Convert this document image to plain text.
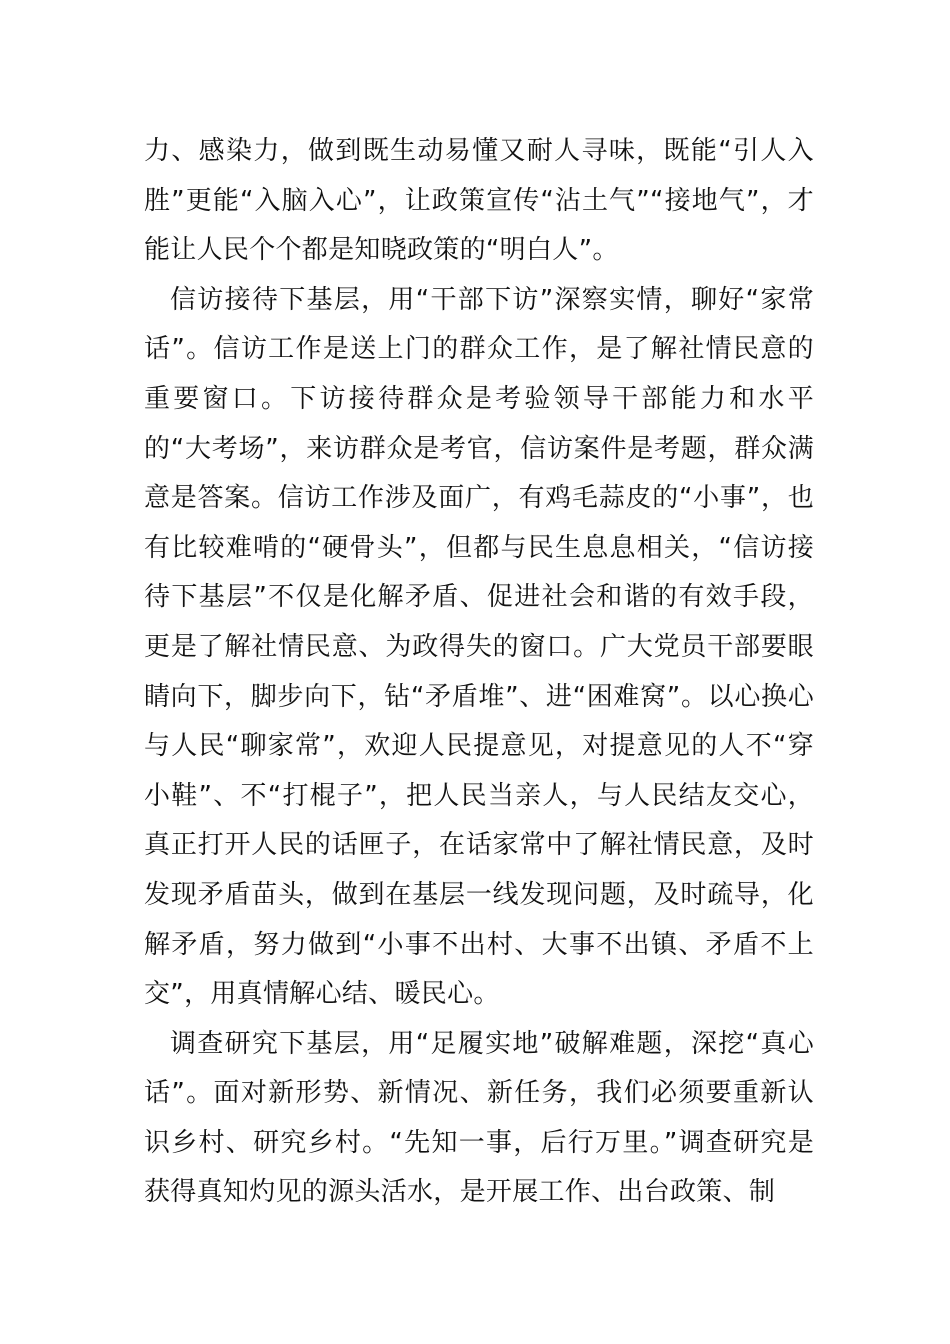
力、感染力，做到既生动易懂又耐人寻味，既能“引人入胜”更能“入脑入心”，让政策宣传“沾土气”“接地气”，才能让人民个个都是知晓政策的“明白人”。

信访接待下基层，用“干部下访”深察实情，聊好“家常话”。信访工作是送上门的群众工作，是了解社情民意的重要窗口。下访接待群众是考验领导干部能力和水平的“大考场”，来访群众是考官，信访案件是考题，群众满意是答案。信访工作涉及面广，有鸡毛蒜皮的“小事”，也有比较难啃的“硬骨头”，但都与民生息息相关，“信访接待下基层”不仅是化解矛盾、促进社会和谐的有效手段，更是了解社情民意、为政得失的窗口。广大党员干部要眼睛向下，脚步向下，钻“矛盾堆”、进“困难窝”。以心换心与人民“聊家常”，欢迎人民提意见，对提意见的人不“穿小鞋”、不“打棍子”，把人民当亲人，与人民结友交心，真正打开人民的话匣子，在话家常中了解社情民意，及时发现矛盾苗头，做到在基层一线发现问题，及时疏导，化解矛盾，努力做到“小事不出村、大事不出镇、矛盾不上交”，用真情解心结、暖民心。

调查研究下基层，用“足履实地”破解难题，深挖“真心话”。面对新形势、新情况、新任务，我们必须要重新认识乡村、研究乡村。“先知一事，后行万里。”调查研究是获得真知灼见的源头活水，是开展工作、出台政策、制
